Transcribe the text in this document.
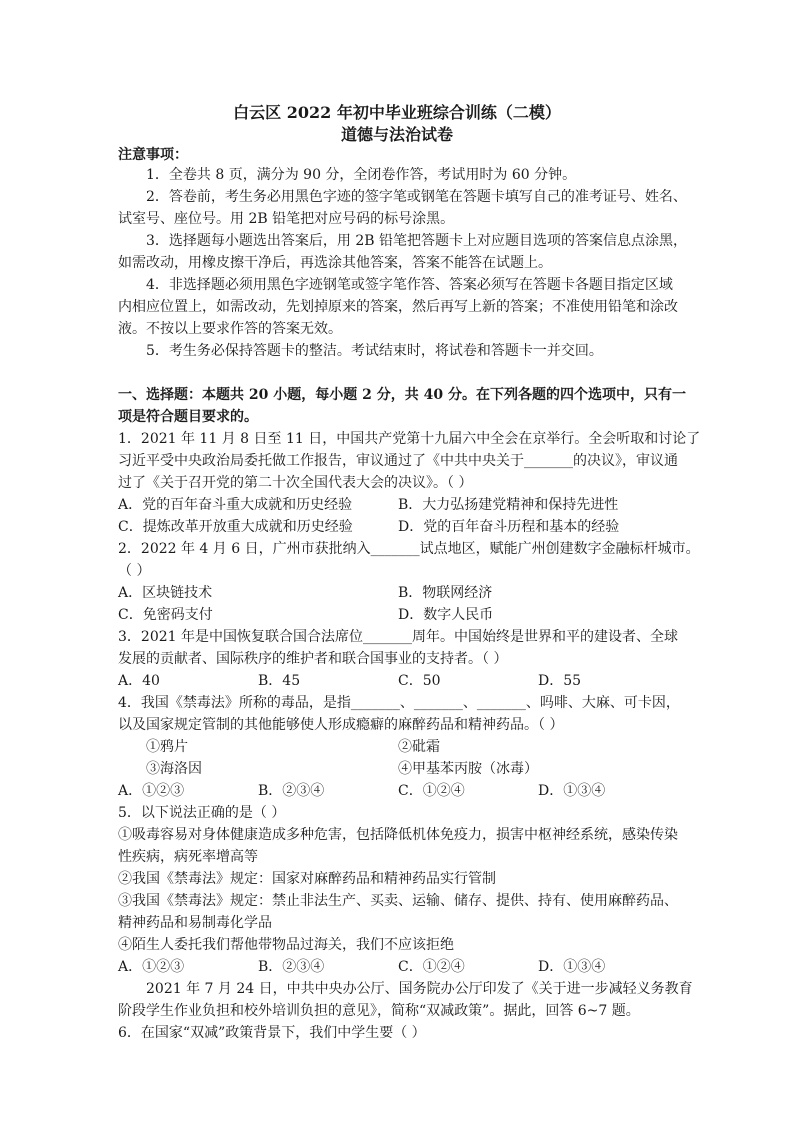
白云区 2022 年初中毕业班综合训练（二模）
道德与法治试卷
注意事项：
1．全卷共 8 页，满分为 90 分，全闭卷作答，考试用时为 60 分钟。
2．答卷前，考生务必用黑色字迹的签字笔或钢笔在答题卡填写自己的准考证号、姓名、
试室号、座位号。用 2B 铅笔把对应号码的标号涂黑。
3．选择题每小题选出答案后，用 2B 铅笔把答题卡上对应题目选项的答案信息点涂黑，
如需改动，用橡皮擦干净后，再选涂其他答案，答案不能答在试题上。
4．非选择题必须用黑色字迹钢笔或签字笔作答、答案必须写在答题卡各题目指定区域
内相应位置上，如需改动，先划掉原来的答案，然后再写上新的答案；不准使用铅笔和涂改
液。不按以上要求作答的答案无效。
5．考生务必保持答题卡的整洁。考试结束时，将试卷和答题卡一并交回。
一、选择题：本题共 20 小题，每小题 2 分，共 40 分。在下列各题的四个选项中，只有一
项是符合题目要求的。
1．2021 年 11 月 8 日至 11 日，中国共产党第十九届六中全会在京举行。全会听取和讨论了
习近平受中央政治局委托做工作报告，审议通过了《中共中央关于_______的决议》，审议通
过了《关于召开党的第二十次全国代表大会的决议》。（ ）
A．党的百年奋斗重大成就和历史经验	B．大力弘扬建党精神和保持先进性
C．提炼改革开放重大成就和历史经验	D．党的百年奋斗历程和基本的经验
2．2022 年 4 月 6 日，广州市获批纳入_______试点地区，赋能广州创建数字金融标杆城市。
（ ）
A．区块链技术	B．物联网经济
C．免密码支付	D．数字人民币
3．2021 年是中国恢复联合国合法席位_______周年。中国始终是世界和平的建设者、全球
发展的贡献者、国际秩序的维护者和联合国事业的支持者。（ ）
A．40	B．45	C．50	D．55
4．我国《禁毒法》所称的毒品，是指_______、_______、_______、吗啡、大麻、可卡因，
以及国家规定管制的其他能够使人形成瘾癖的麻醉药品和精神药品。（ ）
①鸦片	②砒霜
③海洛因	④甲基苯丙胺（冰毒）
A．①②③	B．②③④	C．①②④	D．①③④
5．以下说法正确的是（ ）
①吸毒容易对身体健康造成多种危害，包括降低机体免疫力，损害中枢神经系统，感染传染
性疾病，病死率增高等
②我国《禁毒法》规定：国家对麻醉药品和精神药品实行管制
③我国《禁毒法》规定：禁止非法生产、买卖、运输、储存、提供、持有、使用麻醉药品、
精神药品和易制毒化学品
④陌生人委托我们帮他带物品过海关，我们不应该拒绝
A．①②③	B．②③④	C．①②④	D．①③④
2021 年 7 月 24 日，中共中央办公厅、国务院办公厅印发了《关于进一步减轻义务教育
阶段学生作业负担和校外培训负担的意见》，简称“双减政策”。据此，回答 6~7 题。
6．在国家“双减”政策背景下，我们中学生要（ ）
